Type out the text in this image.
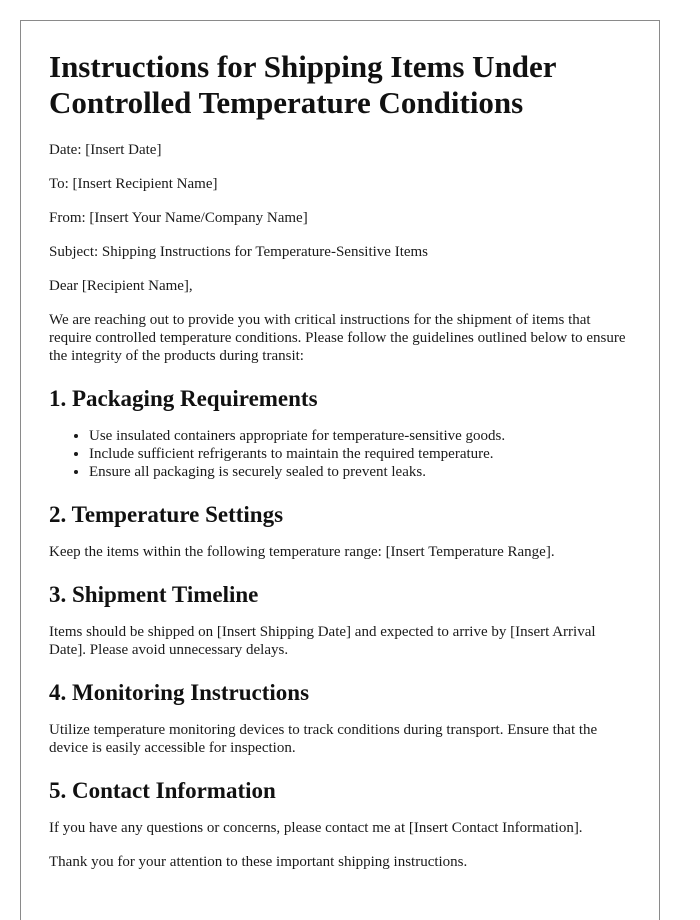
Instructions for Shipping Items Under Controlled Temperature Conditions

Date: [Insert Date]

To: [Insert Recipient Name]

From: [Insert Your Name/Company Name]

Subject: Shipping Instructions for Temperature-Sensitive Items

Dear [Recipient Name],

We are reaching out to provide you with critical instructions for the shipment of items that require controlled temperature conditions. Please follow the guidelines outlined below to ensure the integrity of the products during transit:

1. Packaging Requirements
• Use insulated containers appropriate for temperature-sensitive goods.
• Include sufficient refrigerants to maintain the required temperature.
• Ensure all packaging is securely sealed to prevent leaks.
2. Temperature Settings

Keep the items within the following temperature range: [Insert Temperature Range].

3. Shipment Timeline

Items should be shipped on [Insert Shipping Date] and expected to arrive by [Insert Arrival Date]. Please avoid unnecessary delays.

4. Monitoring Instructions

Utilize temperature monitoring devices to track conditions during transport. Ensure that the device is easily accessible for inspection.

5. Contact Information

If you have any questions or concerns, please contact me at [Insert Contact Information].

Thank you for your attention to these important shipping instructions.
